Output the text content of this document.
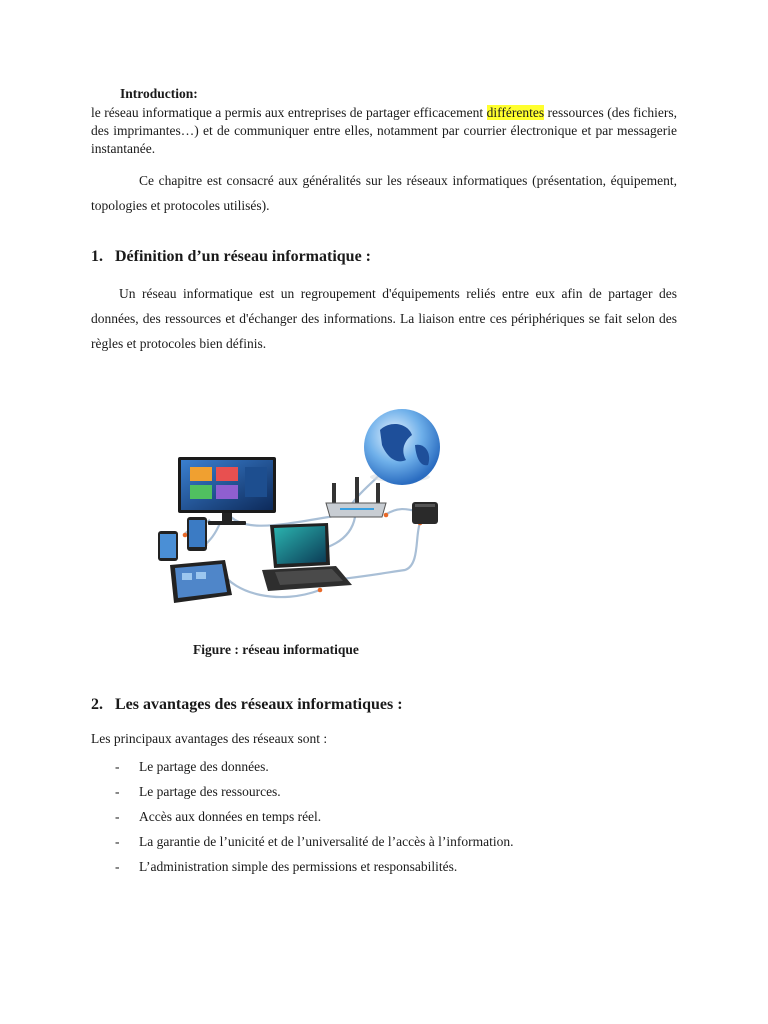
Introduction:
le réseau informatique a permis aux entreprises de partager efficacement différentes ressources (des fichiers, des imprimantes…) et de communiquer entre elles, notamment par courrier électronique et par messagerie instantanée.
Ce chapitre est consacré aux généralités sur les réseaux informatiques (présentation, équipement, topologies et protocoles utilisés).
1. Définition d’un réseau informatique :
Un réseau informatique est un regroupement d'équipements reliés entre eux afin de partager des données, des ressources et d'échanger des informations. La liaison entre ces périphériques se fait selon des règles et protocoles bien définis.
Figure : réseau informatique
2. Les avantages des réseaux informatiques :
Les principaux avantages des réseaux sont :
- Le partage des données.
- Le partage des ressources.
- Accès aux données en temps réel.
- La garantie de l’unicité et de l’universalité de l’accès à l’information.
- L’administration simple des permissions et responsabilités.
